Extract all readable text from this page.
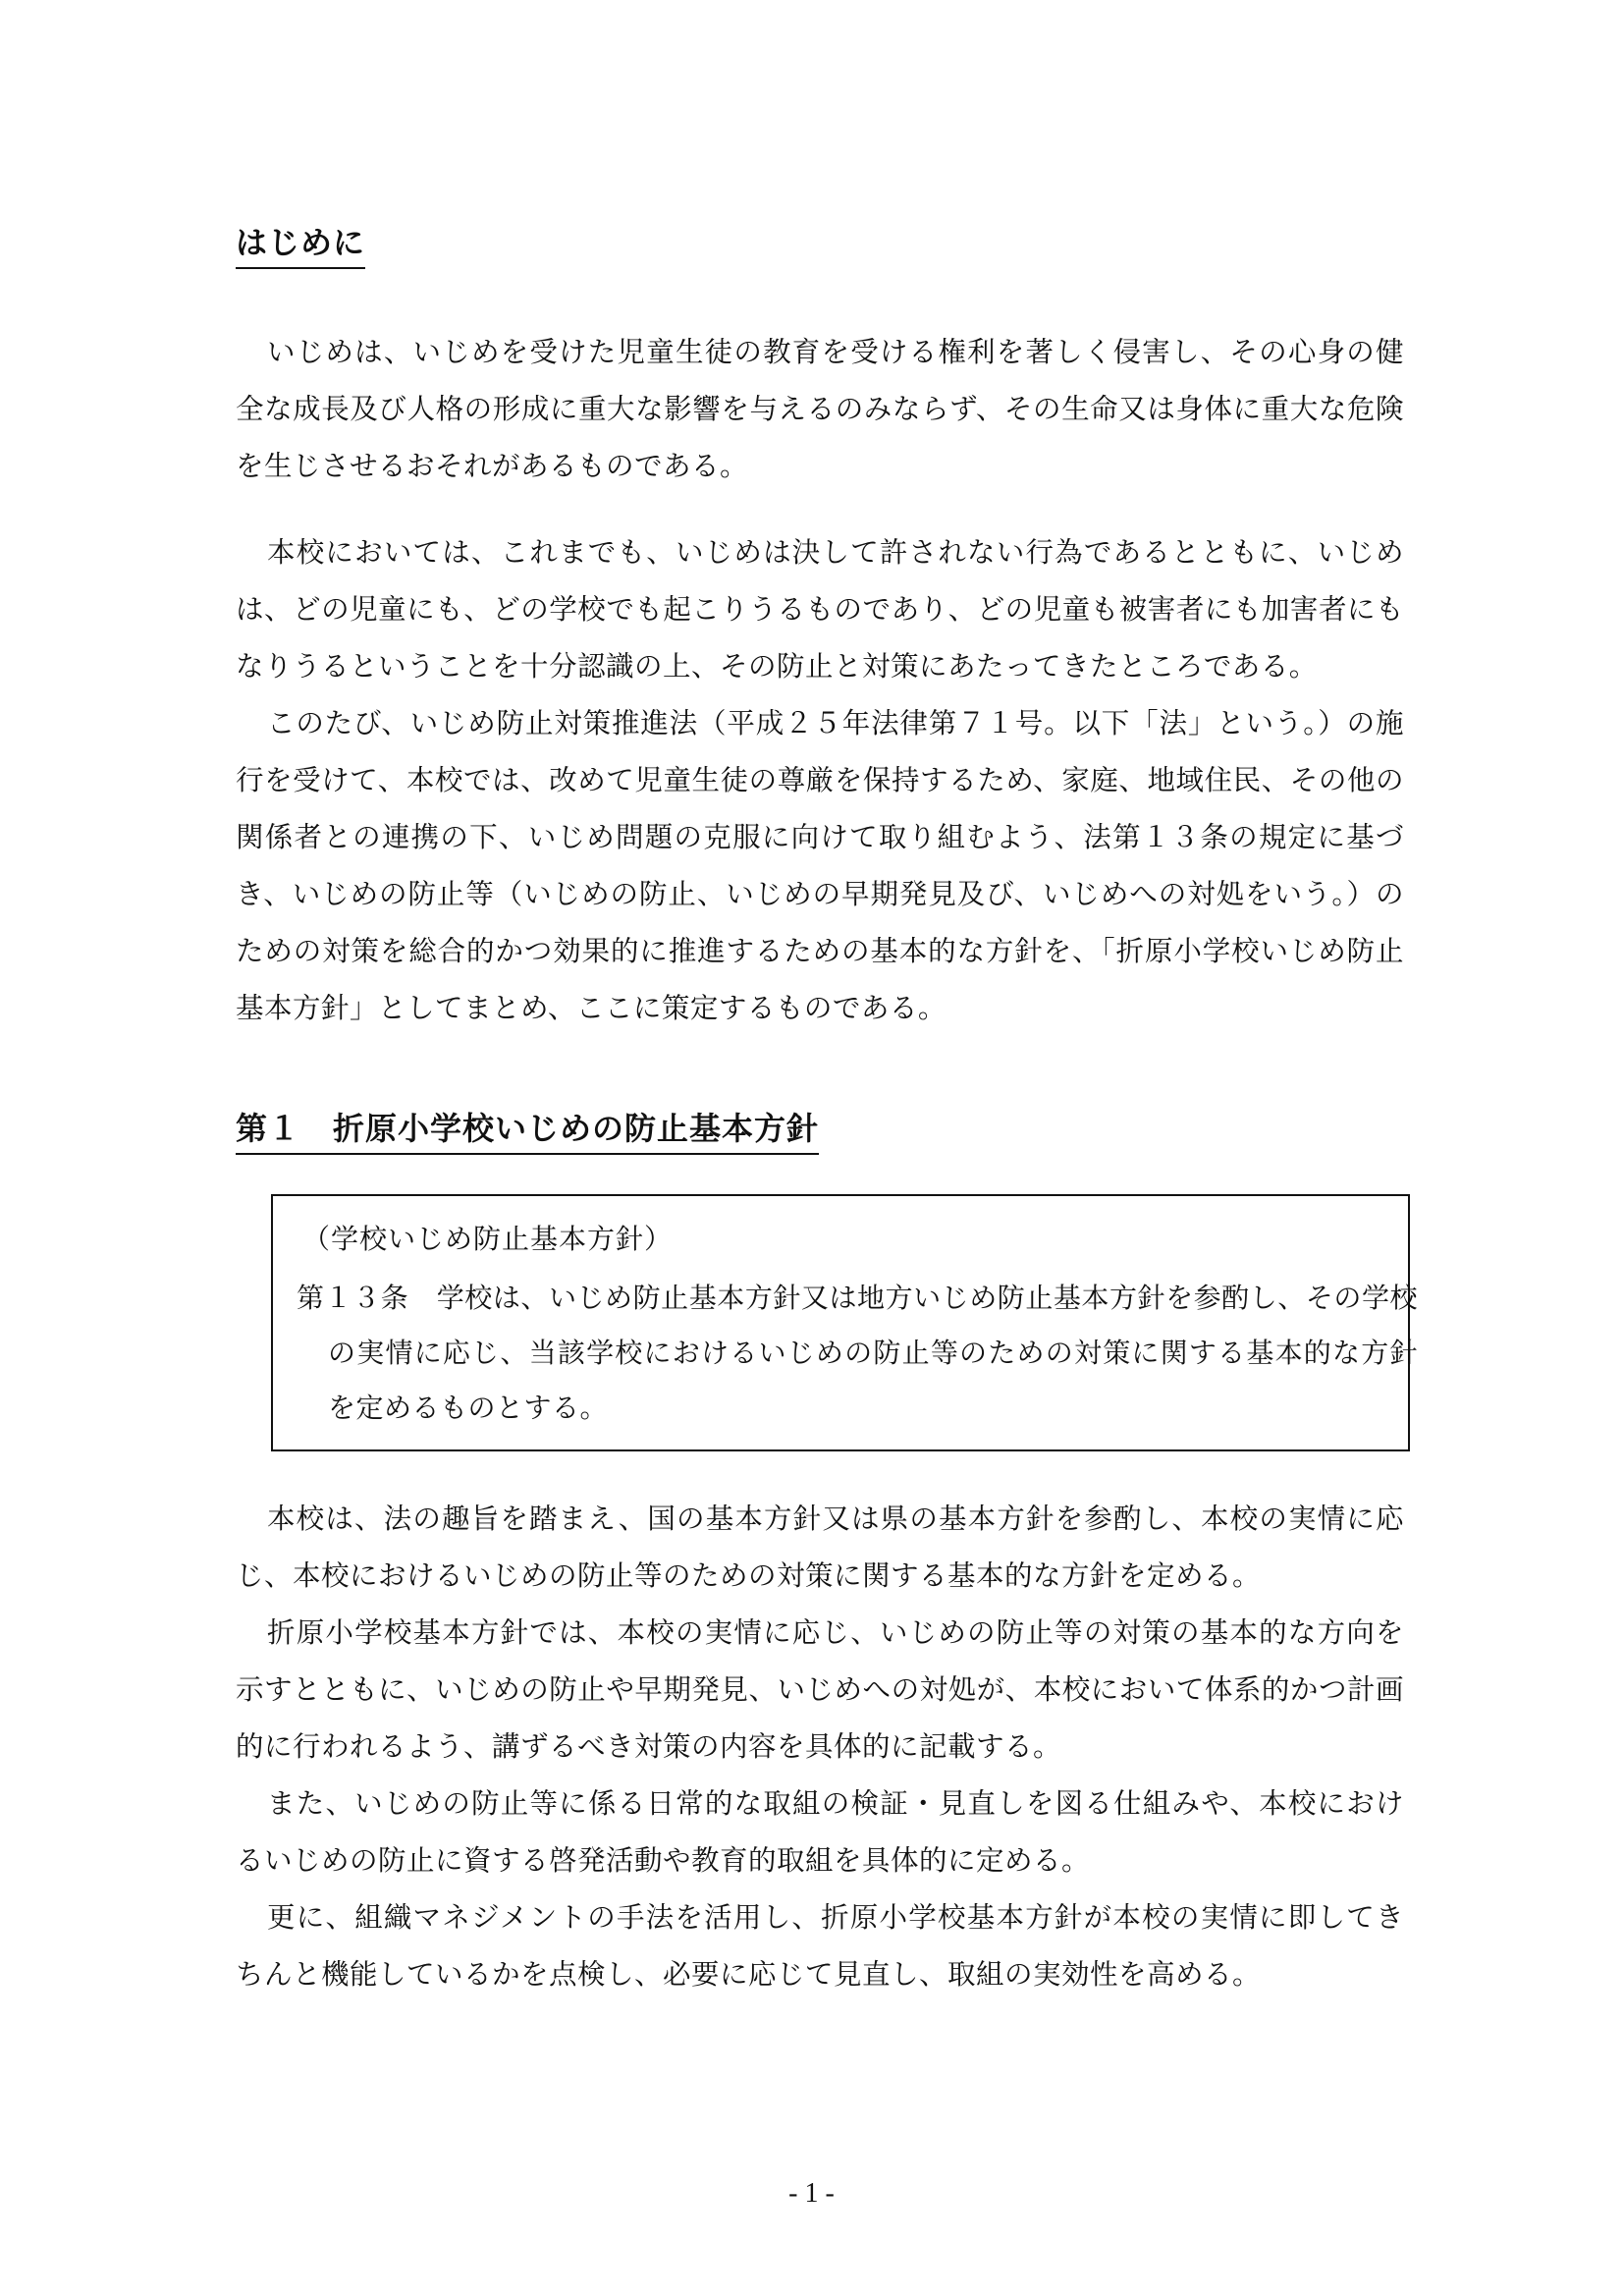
はじめに

いじめは、いじめを受けた児童生徒の教育を受ける権利を著しく侵害し、その心身の健全な成長及び人格の形成に重大な影響を与えるのみならず、その生命又は身体に重大な危険を生じさせるおそれがあるものである。

本校においては、これまでも、いじめは決して許されない行為であるとともに、いじめは、どの児童にも、どの学校でも起こりうるものであり、どの児童も被害者にも加害者にもなりうるということを十分認識の上、その防止と対策にあたってきたところである。

このたび、いじめ防止対策推進法（平成２５年法律第７１号。以下「法」という。）の施行を受けて、本校では、改めて児童生徒の尊厳を保持するため、家庭、地域住民、その他の関係者との連携の下、いじめ問題の克服に向けて取り組むよう、法第１３条の規定に基づき、いじめの防止等（いじめの防止、いじめの早期発見及び、いじめへの対処をいう。）のための対策を総合的かつ効果的に推進するための基本的な方針を、「折原小学校いじめ防止基本方針」としてまとめ、ここに策定するものである。

第１　折原小学校いじめの防止基本方針
（学校いじめ防止基本方針）

第１３条　学校は、いじめ防止基本方針又は地方いじめ防止基本方針を参酌し、その学校の実情に応じ、当該学校におけるいじめの防止等のための対策に関する基本的な方針を定めるものとする。

本校は、法の趣旨を踏まえ、国の基本方針又は県の基本方針を参酌し、本校の実情に応じ、本校におけるいじめの防止等のための対策に関する基本的な方針を定める。

折原小学校基本方針では、本校の実情に応じ、いじめの防止等の対策の基本的な方向を示すとともに、いじめの防止や早期発見、いじめへの対処が、本校において体系的かつ計画的に行われるよう、講ずるべき対策の内容を具体的に記載する。

また、いじめの防止等に係る日常的な取組の検証・見直しを図る仕組みや、本校におけるいじめの防止に資する啓発活動や教育的取組を具体的に定める。

更に、組織マネジメントの手法を活用し、折原小学校基本方針が本校の実情に即してきちんと機能しているかを点検し、必要に応じて見直し、取組の実効性を高める。

- 1 -
